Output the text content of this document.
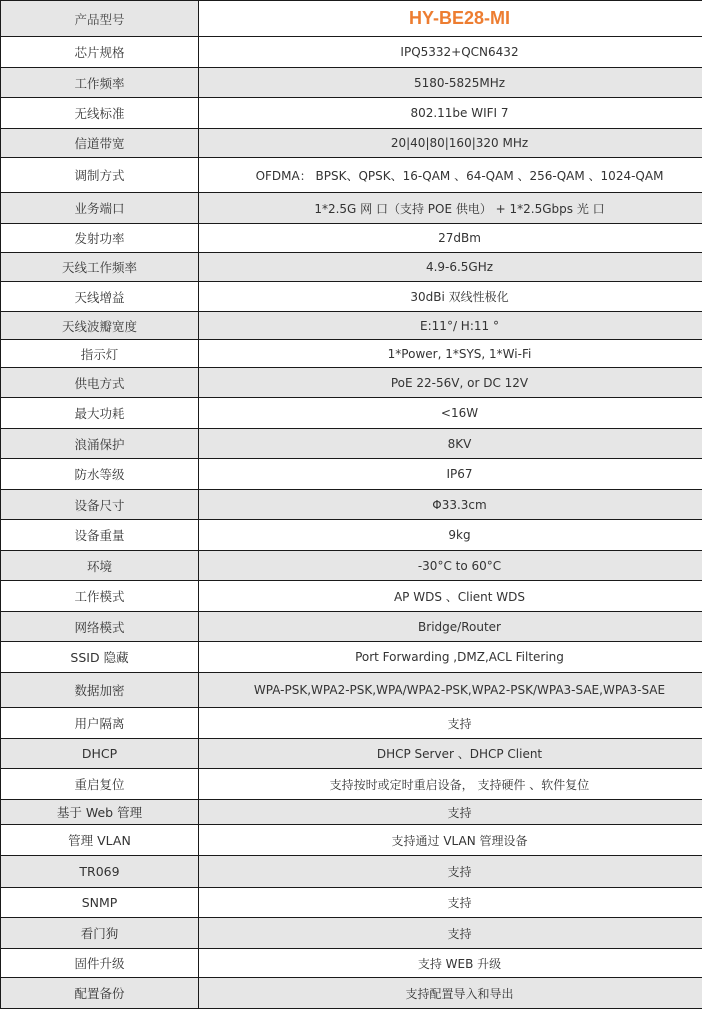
产品型号	HY-BE28-MI
芯片规格	IPQ5332+QCN6432
工作频率	5180-5825MHz
无线标准	802.11be WIFI 7
信道带宽	20|40|80|160|320 MHz
调制方式	OFDMA： BPSK、QPSK、16-QAM 、64-QAM 、256-QAM 、1024-QAM
业务端口	1*2.5G 网 口（支持 POE 供电） + 1*2.5Gbps 光 口
发射功率	27dBm
天线工作频率	4.9-6.5GHz
天线增益	30dBi 双线性极化
天线波瓣宽度	E:11°/ H:11 °
指示灯	1*Power, 1*SYS, 1*Wi-Fi
供电方式	PoE 22-56V, or DC 12V
最大功耗	<16W
浪涌保护	8KV
防水等级	IP67
设备尺寸	Φ33.3cm
设备重量	9kg
环境	-30°C to 60°C
工作模式	AP WDS 、Client WDS
网络模式	Bridge/Router
SSID 隐藏	Port Forwarding ,DMZ,ACL Filtering
数据加密	WPA-PSK,WPA2-PSK,WPA/WPA2-PSK,WPA2-PSK/WPA3-SAE,WPA3-SAE
用户隔离	支持
DHCP	DHCP Server 、DHCP Client
重启复位	支持按时或定时重启设备， 支持硬件 、软件复位
基于 Web 管理	支持
管理 VLAN	支持通过 VLAN 管理设备
TR069	支持
SNMP	支持
看门狗	支持
固件升级	支持 WEB 升级
配置备份	支持配置导入和导出
